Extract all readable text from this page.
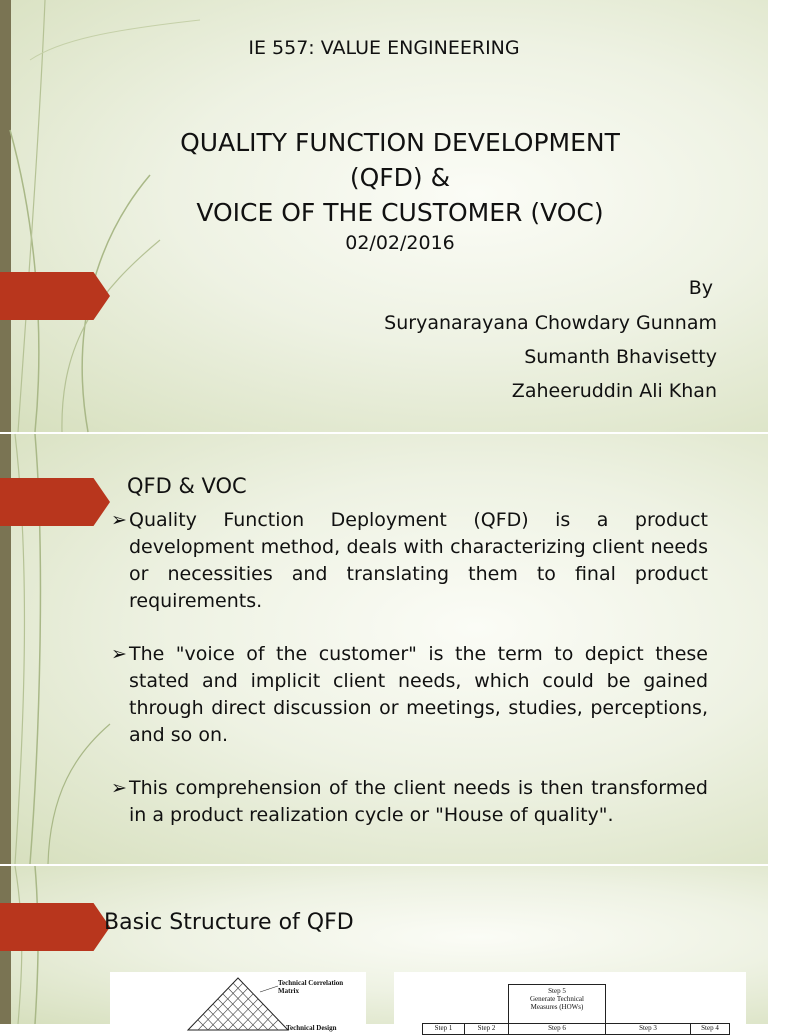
IE 557: VALUE ENGINEERING
QUALITY FUNCTION DEVELOPMENT
(QFD) &
VOICE OF THE CUSTOMER (VOC)
02/02/2016
By
Suryanarayana Chowdary Gunnam
Sumanth Bhavisetty
Zaheeruddin Ali Khan
QFD & VOC
➢ Quality Function Deployment (QFD) is a product development method, deals with characterizing client needs or necessities and translating them to final product requirements.
➢ The "voice of the customer" is the term to depict these stated and implicit client needs, which could be gained through direct discussion or meetings, studies, perceptions, and so on.
➢ This comprehension of the client needs is then transformed in a product realization cycle or "House of quality".
Basic Structure of QFD
Technical Correlation
Matrix
Technical Design
Step 5
Generate Technical
Measures (HOWs)
Step 1	Step 2	Step 6	Step 3	Step 4
